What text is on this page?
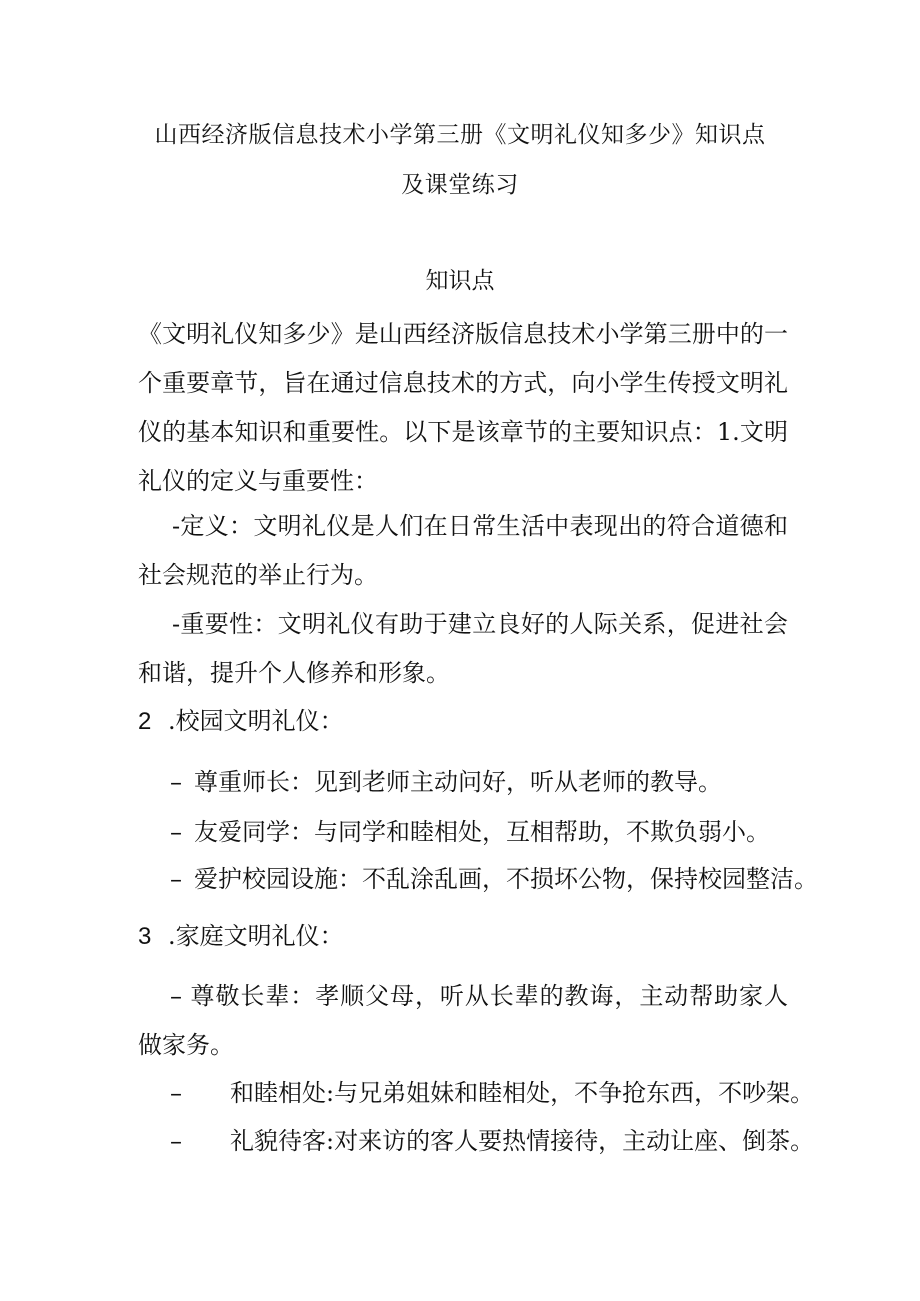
山西经济版信息技术小学第三册《文明礼仪知多少》知识点
及课堂练习
知识点

《文明礼仪知多少》是山西经济版信息技术小学第三册中的一个重要章节，旨在通过信息技术的方式，向小学生传授文明礼仪的基本知识和重要性。以下是该章节的主要知识点：1.文明礼仪的定义与重要性：

-定义：文明礼仪是人们在日常生活中表现出的符合道德和社会规范的举止行为。

-重要性：文明礼仪有助于建立良好的人际关系，促进社会和谐，提升个人修养和形象。

2 .校园文明礼仪：
– 尊重师长：见到老师主动问好，听从老师的教导。
– 友爱同学：与同学和睦相处，互相帮助，不欺负弱小。
– 爱护校园设施：不乱涂乱画，不损坏公物，保持校园整洁。
3 .家庭文明礼仪：

– 尊敬长辈：孝顺父母，听从长辈的教诲，主动帮助家人做家务。

– 和睦相处:与兄弟姐妹和睦相处，不争抢东西，不吵架。
– 礼貌待客:对来访的客人要热情接待，主动让座、倒茶。
